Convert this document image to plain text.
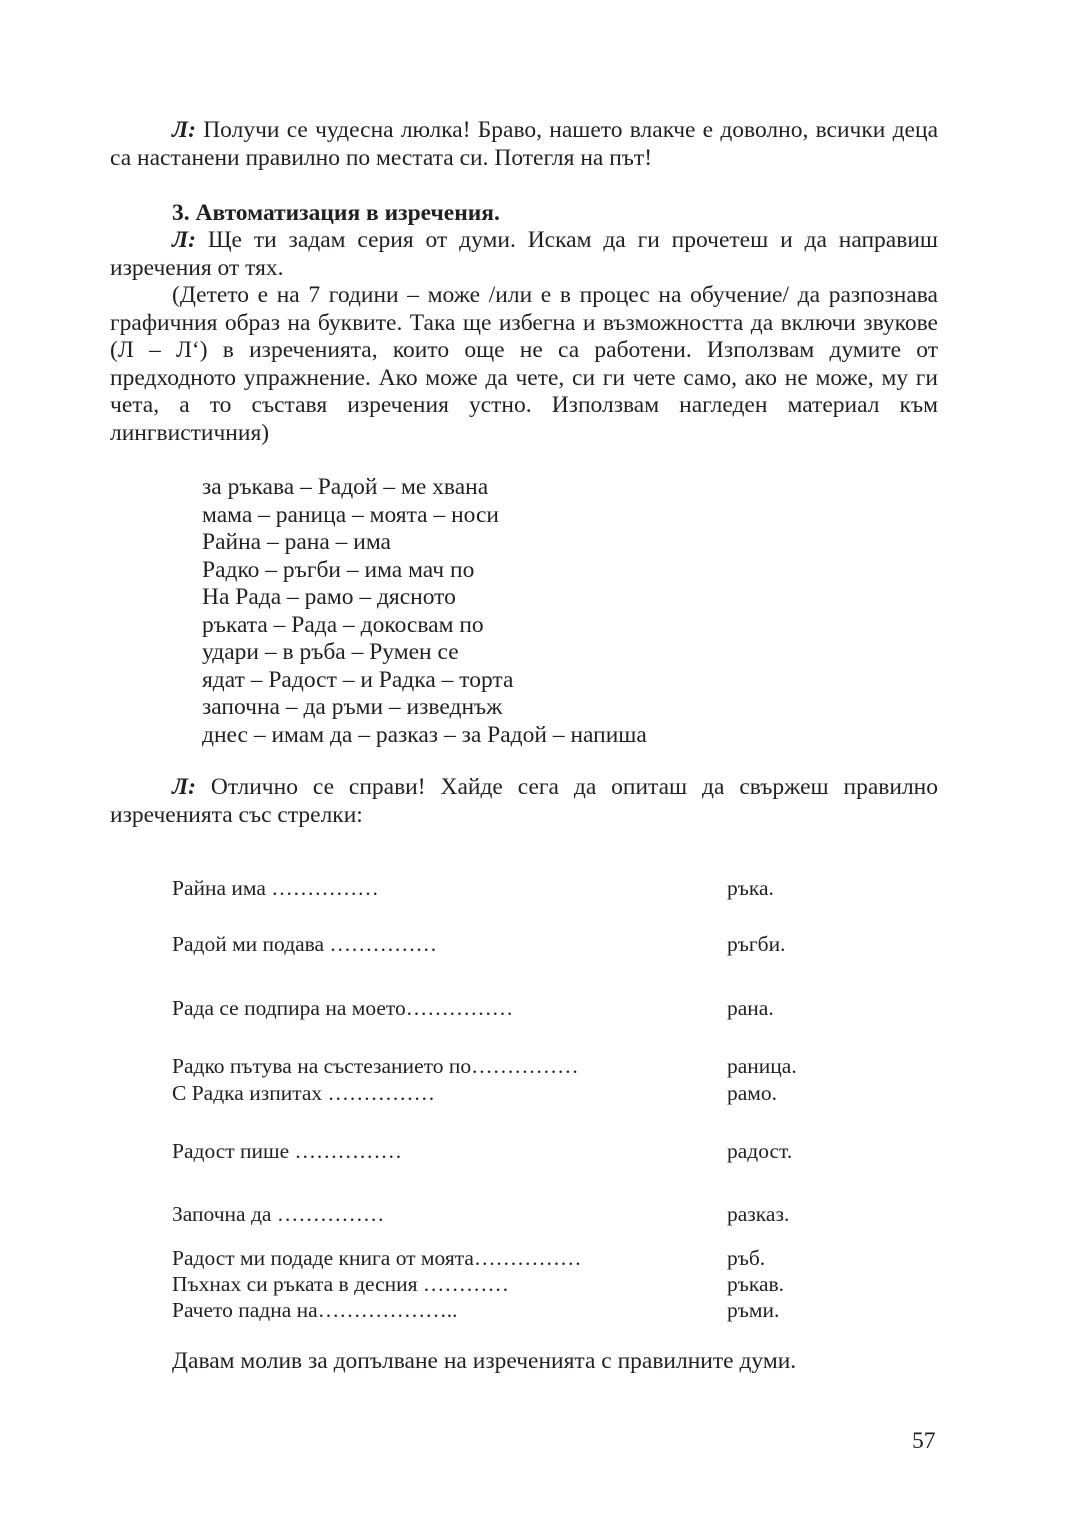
Л: Получи се чудесна люлка! Браво, нашето влакче е доволно, всички деца са настанени правилно по местата си. Потегля на път!

3. Автоматизация в изречения.

Л: Ще ти задам серия от думи. Искам да ги прочетеш и да направиш изречения от тях.

(Детето е на 7 години – може /или е в процес на обучение/ да разпознава графичния образ на буквите. Така ще избегна и възможността да включи звукове (Л – Л‘) в изреченията, които още не са работени. Използвам думите от предходното упражнение. Ако може да чете, си ги чете само, ако не може, му ги чета, а то съставя изречения устно. Използвам нагледен материал към лингвистичния)

за ръкава – Радой – ме хвана
мама – раница – моята – носи
Райна – рана – има
Радко – ръгби – има мач по
На Рада – рамо – дясното
ръката – Рада – докосвам по
удари – в ръба – Румен се
ядат – Радост – и Радка – торта
започна – да ръми – изведнъж
днес – имам да – разказ – за Радой – напиша

Л: Отлично се справи! Хайде сега да опиташ да свържеш правилно изреченията със стрелки:

Райна има ……………	ръка.
Радой ми подава ……………	ръгби.
Рада се подпира на моето……………	рана.
Радко пътува на състезанието по……………	раница.
С Радка изпитах ……………	рамо.
Радост пише ……………	радост.
Започна да ……………	разказ.
Радост ми подаде книга от моята……………	ръб.
Пъхнах си ръката в десния …………	ръкав.
Рачето падна на………………..	ръми.

Давам молив за допълване на изреченията с правилните думи.

57
